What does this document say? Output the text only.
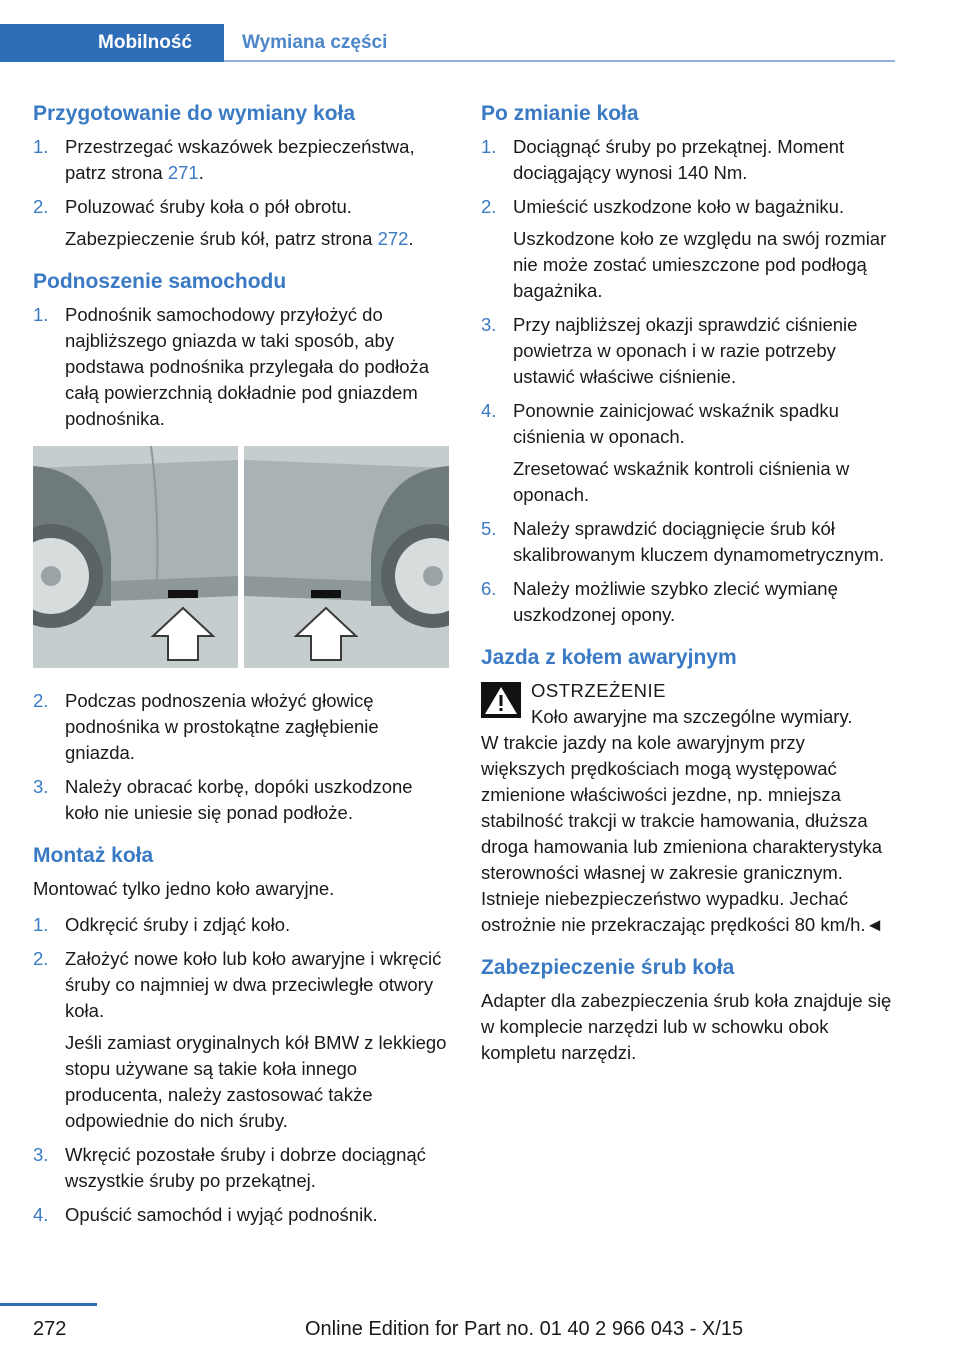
Mobilność	Wymiana części
Przygotowanie do wymiany koła
1. Przestrzegać wskazówek bezpieczeństwa, patrz strona 271.
2. Poluzować śruby koła o pół obrotu.

Zabezpieczenie śrub kół, patrz strona 272.

Podnoszenie samochodu
1. Podnośnik samochodowy przyłożyć do najbliższego gniazda w taki sposób, aby podstawa podnośnika przylegała do podłoża całą powierzchnią dokładnie pod gniazdem podnośnika.
2. Podczas podnoszenia włożyć głowicę podnośnika w prostokątne zagłębienie gniazda.
3. Należy obracać korbę, dopóki uszkodzone koło nie uniesie się ponad podłoże.
Montaż koła

Montować tylko jedno koło awaryjne.

1. Odkręcić śruby i zdjąć koło.
2. Założyć nowe koło lub koło awaryjne i wkręcić śruby co najmniej w dwa przeciwległe otwory koła.

Jeśli zamiast oryginalnych kół BMW z lekkiego stopu używane są takie koła innego producenta, należy zastosować także odpowiednie do nich śruby.

3. Wkręcić pozostałe śruby i dobrze dociągnąć wszystkie śruby po przekątnej.
4. Opuścić samochód i wyjąć podnośnik.
Po zmianie koła
1. Dociągnąć śruby po przekątnej. Moment dociągający wynosi 140 Nm.
2. Umieścić uszkodzone koło w bagażniku.

Uszkodzone koło ze względu na swój rozmiar nie może zostać umieszczone pod podłogą bagażnika.

3. Przy najbliższej okazji sprawdzić ciśnienie powietrza w oponach i w razie potrzeby ustawić właściwe ciśnienie.
4. Ponownie zainicjować wskaźnik spadku ciśnienia w oponach.

Zresetować wskaźnik kontroli ciśnienia w oponach.

5. Należy sprawdzić dociągnięcie śrub kół skalibrowanym kluczem dynamometrycznym.
6. Należy możliwie szybko zlecić wymianę uszkodzonej opony.
Jazda z kołem awaryjnym
OSTRZEŻENIE
Koło awaryjne ma szczególne wymiary.

W trakcie jazdy na kole awaryjnym przy większych prędkościach mogą występować zmienione właściwości jezdne, np. mniejsza stabilność trakcji w trakcie hamowania, dłuższa droga hamowania lub zmieniona charakterystyka sterowności własnej w zakresie granicznym. Istnieje niebezpieczeństwo wypadku. Jechać ostrożnie nie przekraczając prędkości 80 km/h.◄

Zabezpieczenie śrub koła

Adapter dla zabezpieczenia śrub koła znajduje się w komplecie narzędzi lub w schowku obok kompletu narzędzi.

272	Online Edition for Part no. 01 40 2 966 043 - X/15
